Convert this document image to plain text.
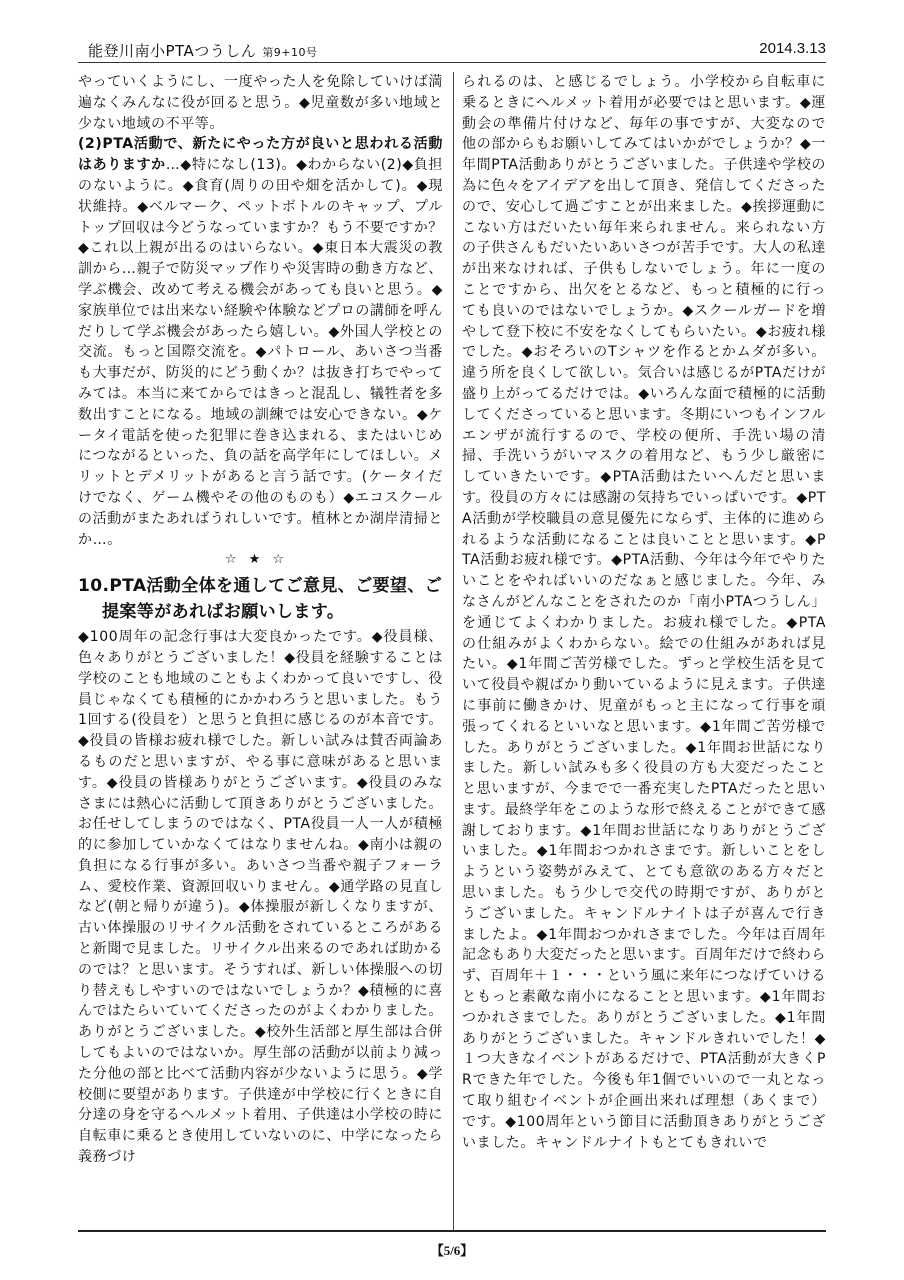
能登川南小PTAつうしん 第9+10号	2014.3.13

やっていくようにし、一度やった人を免除していけば満遍なくみんなに役が回ると思う。◆児童数が多い地域と少ない地域の不平等。

(2)PTA活動で、新たにやった方が良いと思われる活動はありますか…◆特になし(13)。◆わからない(2)◆負担のないように。◆食育(周りの田や畑を活かして)。◆現状維持。◆ベルマーク、ペットボトルのキャップ、プルトップ回収は今どうなっていますか？もう不要ですか？◆これ以上親が出るのはいらない。◆東日本大震災の教訓から…親子で防災マップ作りや災害時の動き方など、学ぶ機会、改めて考える機会があっても良いと思う。◆家族単位では出来ない経験や体験などプロの講師を呼んだりして学ぶ機会があったら嬉しい。◆外国人学校との交流。もっと国際交流を。◆パトロール、あいさつ当番も大事だが、防災的にどう動くか？は抜き打ちでやってみては。本当に来てからではきっと混乱し、犠牲者を多数出すことになる。地域の訓練では安心できない。◆ケータイ電話を使った犯罪に巻き込まれる、またはいじめにつながるといった、負の話を高学年にしてほしい。メリットとデメリットがあると言う話です。(ケータイだけでなく、ゲーム機やその他のものも）◆エコスクールの活動がまたあればうれしいです。植林とか湖岸清掃とか…。

☆★☆

10.PTA活動全体を通してご意見、ご要望、ご
提案等があればお願いします。

◆100周年の記念行事は大変良かったです。◆役員様、色々ありがとうございました！◆役員を経験することは学校のことも地域のこともよくわかって良いですし、役員じゃなくても積極的にかかわろうと思いました。もう1回する(役員を）と思うと負担に感じるのが本音です。◆役員の皆様お疲れ様でした。新しい試みは賛否両論あるものだと思いますが、やる事に意味があると思います。◆役員の皆様ありがとうございます。◆役員のみなさまには熱心に活動して頂きありがとうございました。お任せしてしまうのではなく、PTA役員一人一人が積極的に参加していかなくてはなりませんね。◆南小は親の負担になる行事が多い。あいさつ当番や親子フォーラム、愛校作業、資源回収いりません。◆通学路の見直しなど(朝と帰りが違う)。◆体操服が新しくなりますが、古い体操服のリサイクル活動をされているところがあると新聞で見ました。リサイクル出来るのであれば助かるのでは？と思います。そうすれば、新しい体操服への切り替えもしやすいのではないでしょうか？◆積極的に喜んではたらいていてくださったのがよくわかりました。ありがとうございました。◆校外生活部と厚生部は合併してもよいのではないか。厚生部の活動が以前より減った分他の部と比べて活動内容が少ないように思う。◆学校側に要望があります。子供達が中学校に行くときに自分達の身を守るヘルメット着用、子供達は小学校の時に自転車に乗るとき使用していないのに、中学になったら義務づけ

られるのは、と感じるでしょう。小学校から自転車に乗るときにヘルメット着用が必要ではと思います。◆運動会の準備片付けなど、毎年の事ですが、大変なので他の部からもお願いしてみてはいかがでしょうか？◆一年間PTA活動ありがとうございました。子供達や学校の為に色々をアイデアを出して頂き、発信してくださったので、安心して過ごすことが出来ました。◆挨拶運動にこない方はだいたい毎年来られません。来られない方の子供さんもだいたいあいさつが苦手です。大人の私達が出来なければ、子供もしないでしょう。年に一度のことですから、出欠をとるなど、もっと積極的に行っても良いのではないでしょうか。◆スクールガードを増やして登下校に不安をなくしてもらいたい。◆お疲れ様でした。◆おそろいのTシャツを作るとかムダが多い。違う所を良くして欲しい。気合いは感じるがPTAだけが盛り上がってるだけでは。◆いろんな面で積極的に活動してくださっていると思います。冬期にいつもインフルエンザが流行するので、学校の便所、手洗い場の清掃、手洗いうがいマスクの着用など、もう少し厳密にしていきたいです。◆PTA活動はたいへんだと思います。役員の方々には感謝の気持ちでいっぱいです。◆PTA活動が学校職員の意見優先にならず、主体的に進められるような活動になることは良いことと思います。◆PTA活動お疲れ様です。◆PTA活動、今年は今年でやりたいことをやればいいのだなぁと感じました。今年、みなさんがどんなことをされたのか「南小PTAつうしん」を通じてよくわかりました。お疲れ様でした。◆PTA の仕組みがよくわからない。絵での仕組みがあれば見たい。◆1年間ご苦労様でした。ずっと学校生活を見ていて役員や親ばかり動いているように見えます。子供達に事前に働きかけ、児童がもっと主になって行事を頑張ってくれるといいなと思います。◆1年間ご苦労様でした。ありがとうございました。◆1年間お世話になりました。新しい試みも多く役員の方も大変だったことと思いますが、今までで一番充実したPTAだったと思います。最終学年をこのような形で終えることができて感謝しております。◆1年間お世話になりありがとうございました。◆1年間おつかれさまです。新しいことをしようという姿勢がみえて、とても意欲のある方々だと思いました。もう少しで交代の時期ですが、ありがとうございました。キャンドルナイトは子が喜んで行きましたよ。◆1年間おつかれさまでした。今年は百周年記念もあり大変だったと思います。百周年だけで終わらず、百周年＋１・・・という風に来年につなげていけるともっと素敵な南小になることと思います。◆1年間おつかれさまでした。ありがとうございました。◆1年間ありがとうございました。キャンドルきれいでした！◆１つ大きなイベントがあるだけで、PTA活動が大きくPRできた年でした。今後も年1個でいいので一丸となって取り組むイベントが企画出来れば理想（あくまで）です。◆100周年という節目に活動頂きありがとうございました。キャンドルナイトもとてもきれいで

【5/6】
